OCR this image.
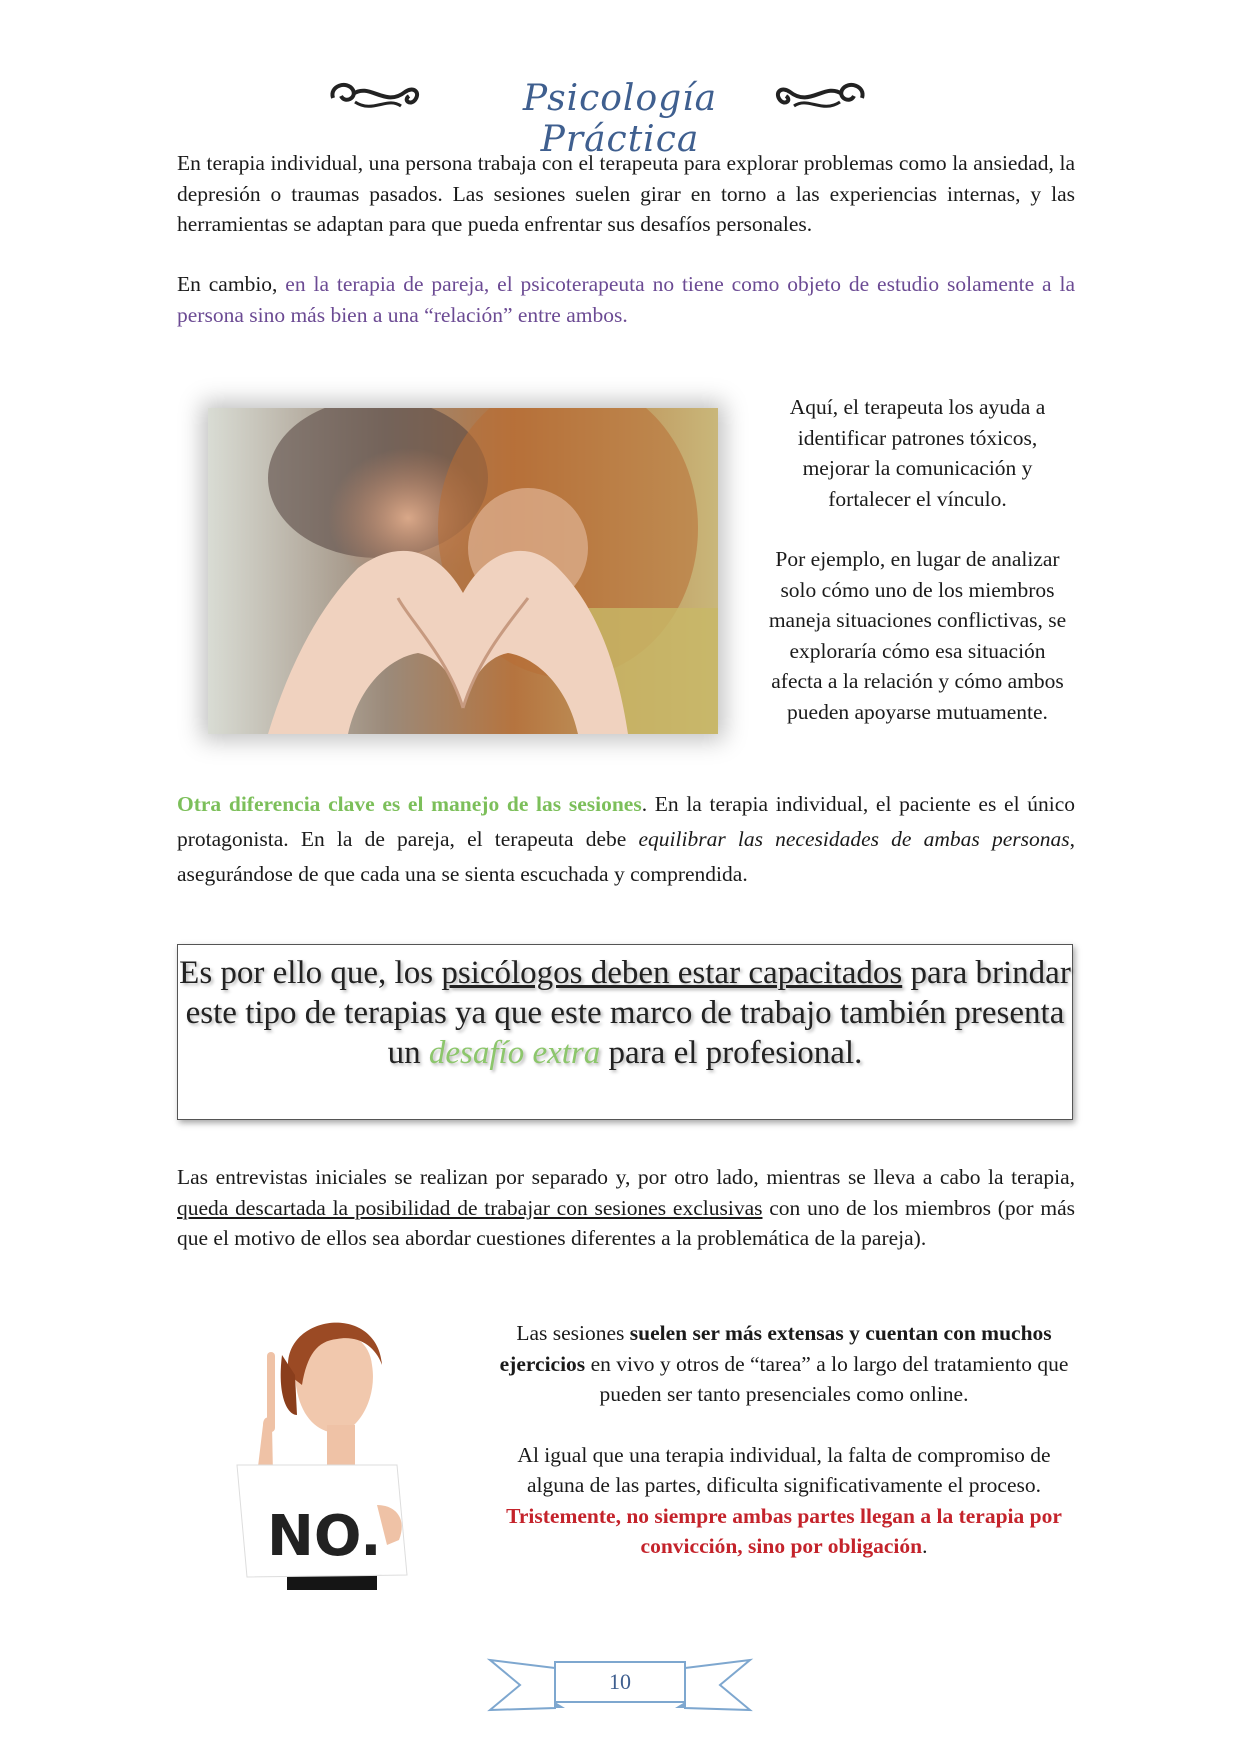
Psicología Práctica
En terapia individual, una persona trabaja con el terapeuta para explorar problemas como la ansiedad, la depresión o traumas pasados. Las sesiones suelen girar en torno a las experiencias internas, y las herramientas se adaptan para que pueda enfrentar sus desafíos personales.
En cambio, en la terapia de pareja, el psicoterapeuta no tiene como objeto de estudio solamente a la persona sino más bien a una “relación” entre ambos.
Aquí, el terapeuta los ayuda a identificar patrones tóxicos, mejorar la comunicación y fortalecer el vínculo.
Por ejemplo, en lugar de analizar solo cómo uno de los miembros maneja situaciones conflictivas, se exploraría cómo esa situación afecta a la relación y cómo ambos pueden apoyarse mutuamente.
Otra diferencia clave es el manejo de las sesiones. En la terapia individual, el paciente es el único protagonista. En la de pareja, el terapeuta debe equilibrar las necesidades de ambas personas, asegurándose de que cada una se sienta escuchada y comprendida.
Es por ello que, los psicólogos deben estar capacitados para brindar este tipo de terapias ya que este marco de trabajo también presenta un desafío extra para el profesional.
Las entrevistas iniciales se realizan por separado y, por otro lado, mientras se lleva a cabo la terapia, queda descartada la posibilidad de trabajar con sesiones exclusivas con uno de los miembros (por más que el motivo de ellos sea abordar cuestiones diferentes a la problemática de la pareja).
NO.
Las sesiones suelen ser más extensas y cuentan con muchos ejercicios en vivo y otros de “tarea” a lo largo del tratamiento que pueden ser tanto presenciales como online.
Al igual que una terapia individual, la falta de compromiso de alguna de las partes, dificulta significativamente el proceso. Tristemente, no siempre ambas partes llegan a la terapia por convicción, sino por obligación.
10
